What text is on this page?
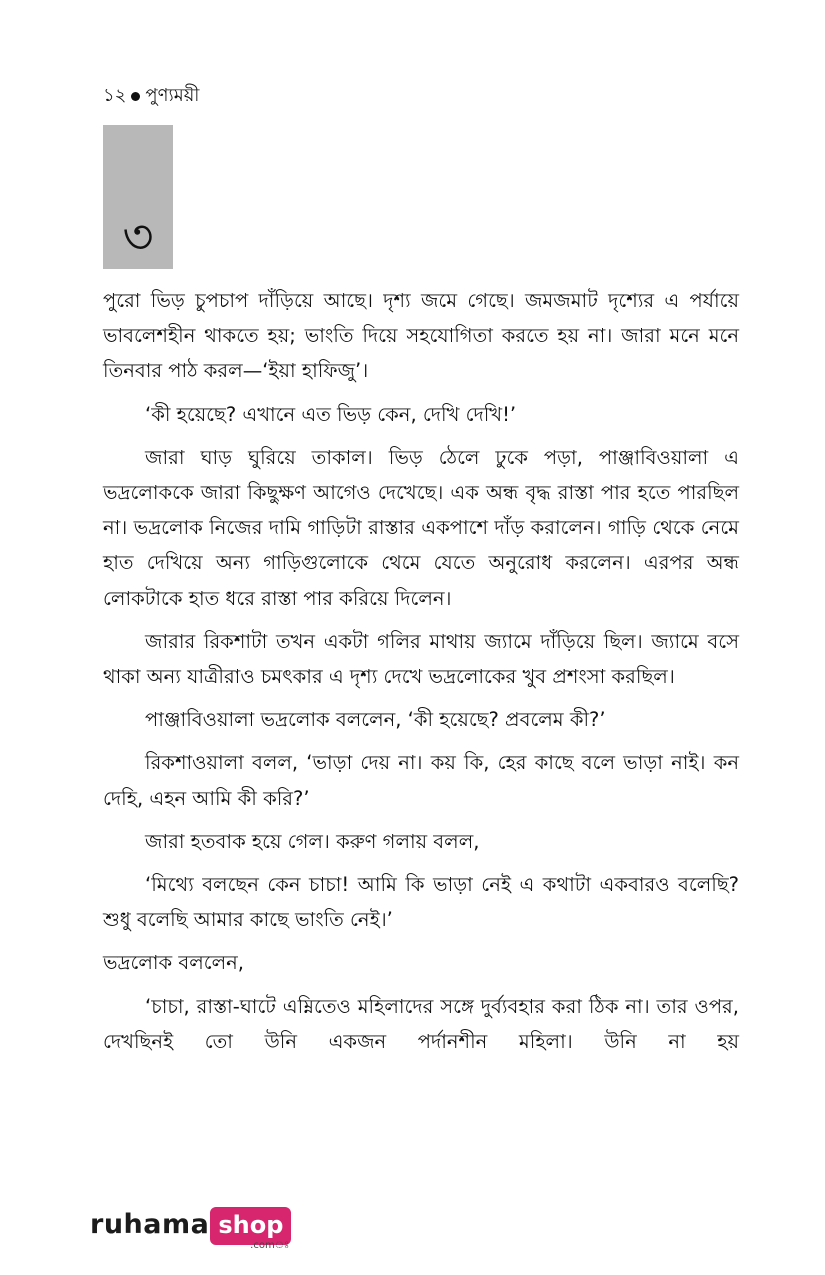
১২ পুণ্যময়ী
৩

পুরো ভিড় চুপচাপ দাঁড়িয়ে আছে। দৃশ্য জমে গেছে। জমজমাট দৃশ্যের এ পর্যায়ে ভাবলেশহীন থাকতে হয়; ভাংতি দিয়ে সহযোগিতা করতে হয় না। জারা মনে মনে তিনবার পাঠ করল—‘ইয়া হাফিজু’।

‘কী হয়েছে? এখানে এত ভিড় কেন, দেখি দেখি!’

জারা ঘাড় ঘুরিয়ে তাকাল। ভিড় ঠেলে ঢুকে পড়া, পাঞ্জাবিওয়ালা এ ভদ্রলোককে জারা কিছুক্ষণ আগেও দেখেছে। এক অন্ধ বৃদ্ধ রাস্তা পার হতে পারছিল না। ভদ্রলোক নিজের দামি গাড়িটা রাস্তার একপাশে দাঁড় করালেন। গাড়ি থেকে নেমে হাত দেখিয়ে অন্য গাড়িগুলোকে থেমে যেতে অনুরোধ করলেন। এরপর অন্ধ লোকটাকে হাত ধরে রাস্তা পার করিয়ে দিলেন।

জারার রিকশাটা তখন একটা গলির মাথায় জ্যামে দাঁড়িয়ে ছিল। জ্যামে বসে থাকা অন্য যাত্রীরাও চমৎকার এ দৃশ্য দেখে ভদ্রলোকের খুব প্রশংসা করছিল।

পাঞ্জাবিওয়ালা ভদ্রলোক বললেন, ‘কী হয়েছে? প্রবলেম কী?’

রিকশাওয়ালা বলল, ‘ভাড়া দেয় না। কয় কি, হের কাছে বলে ভাড়া নাই। কন দেহি, এহন আমি কী করি?’

জারা হতবাক হয়ে গেল। করুণ গলায় বলল,

‘মিথ্যে বলছেন কেন চাচা! আমি কি ভাড়া নেই এ কথাটা একবারও বলেছি? শুধু বলেছি আমার কাছে ভাংতি নেই।’

ভদ্রলোক বললেন,

‘চাচা, রাস্তা-ঘাটে এম্নিতেও মহিলাদের সঙ্গে দুর্ব্যবহার করা ঠিক না। তার ওপর, দেখছিনই তো উনি একজন পর্দানশীন মহিলা। উনি না হয়

ruhama shop
.comঃ
